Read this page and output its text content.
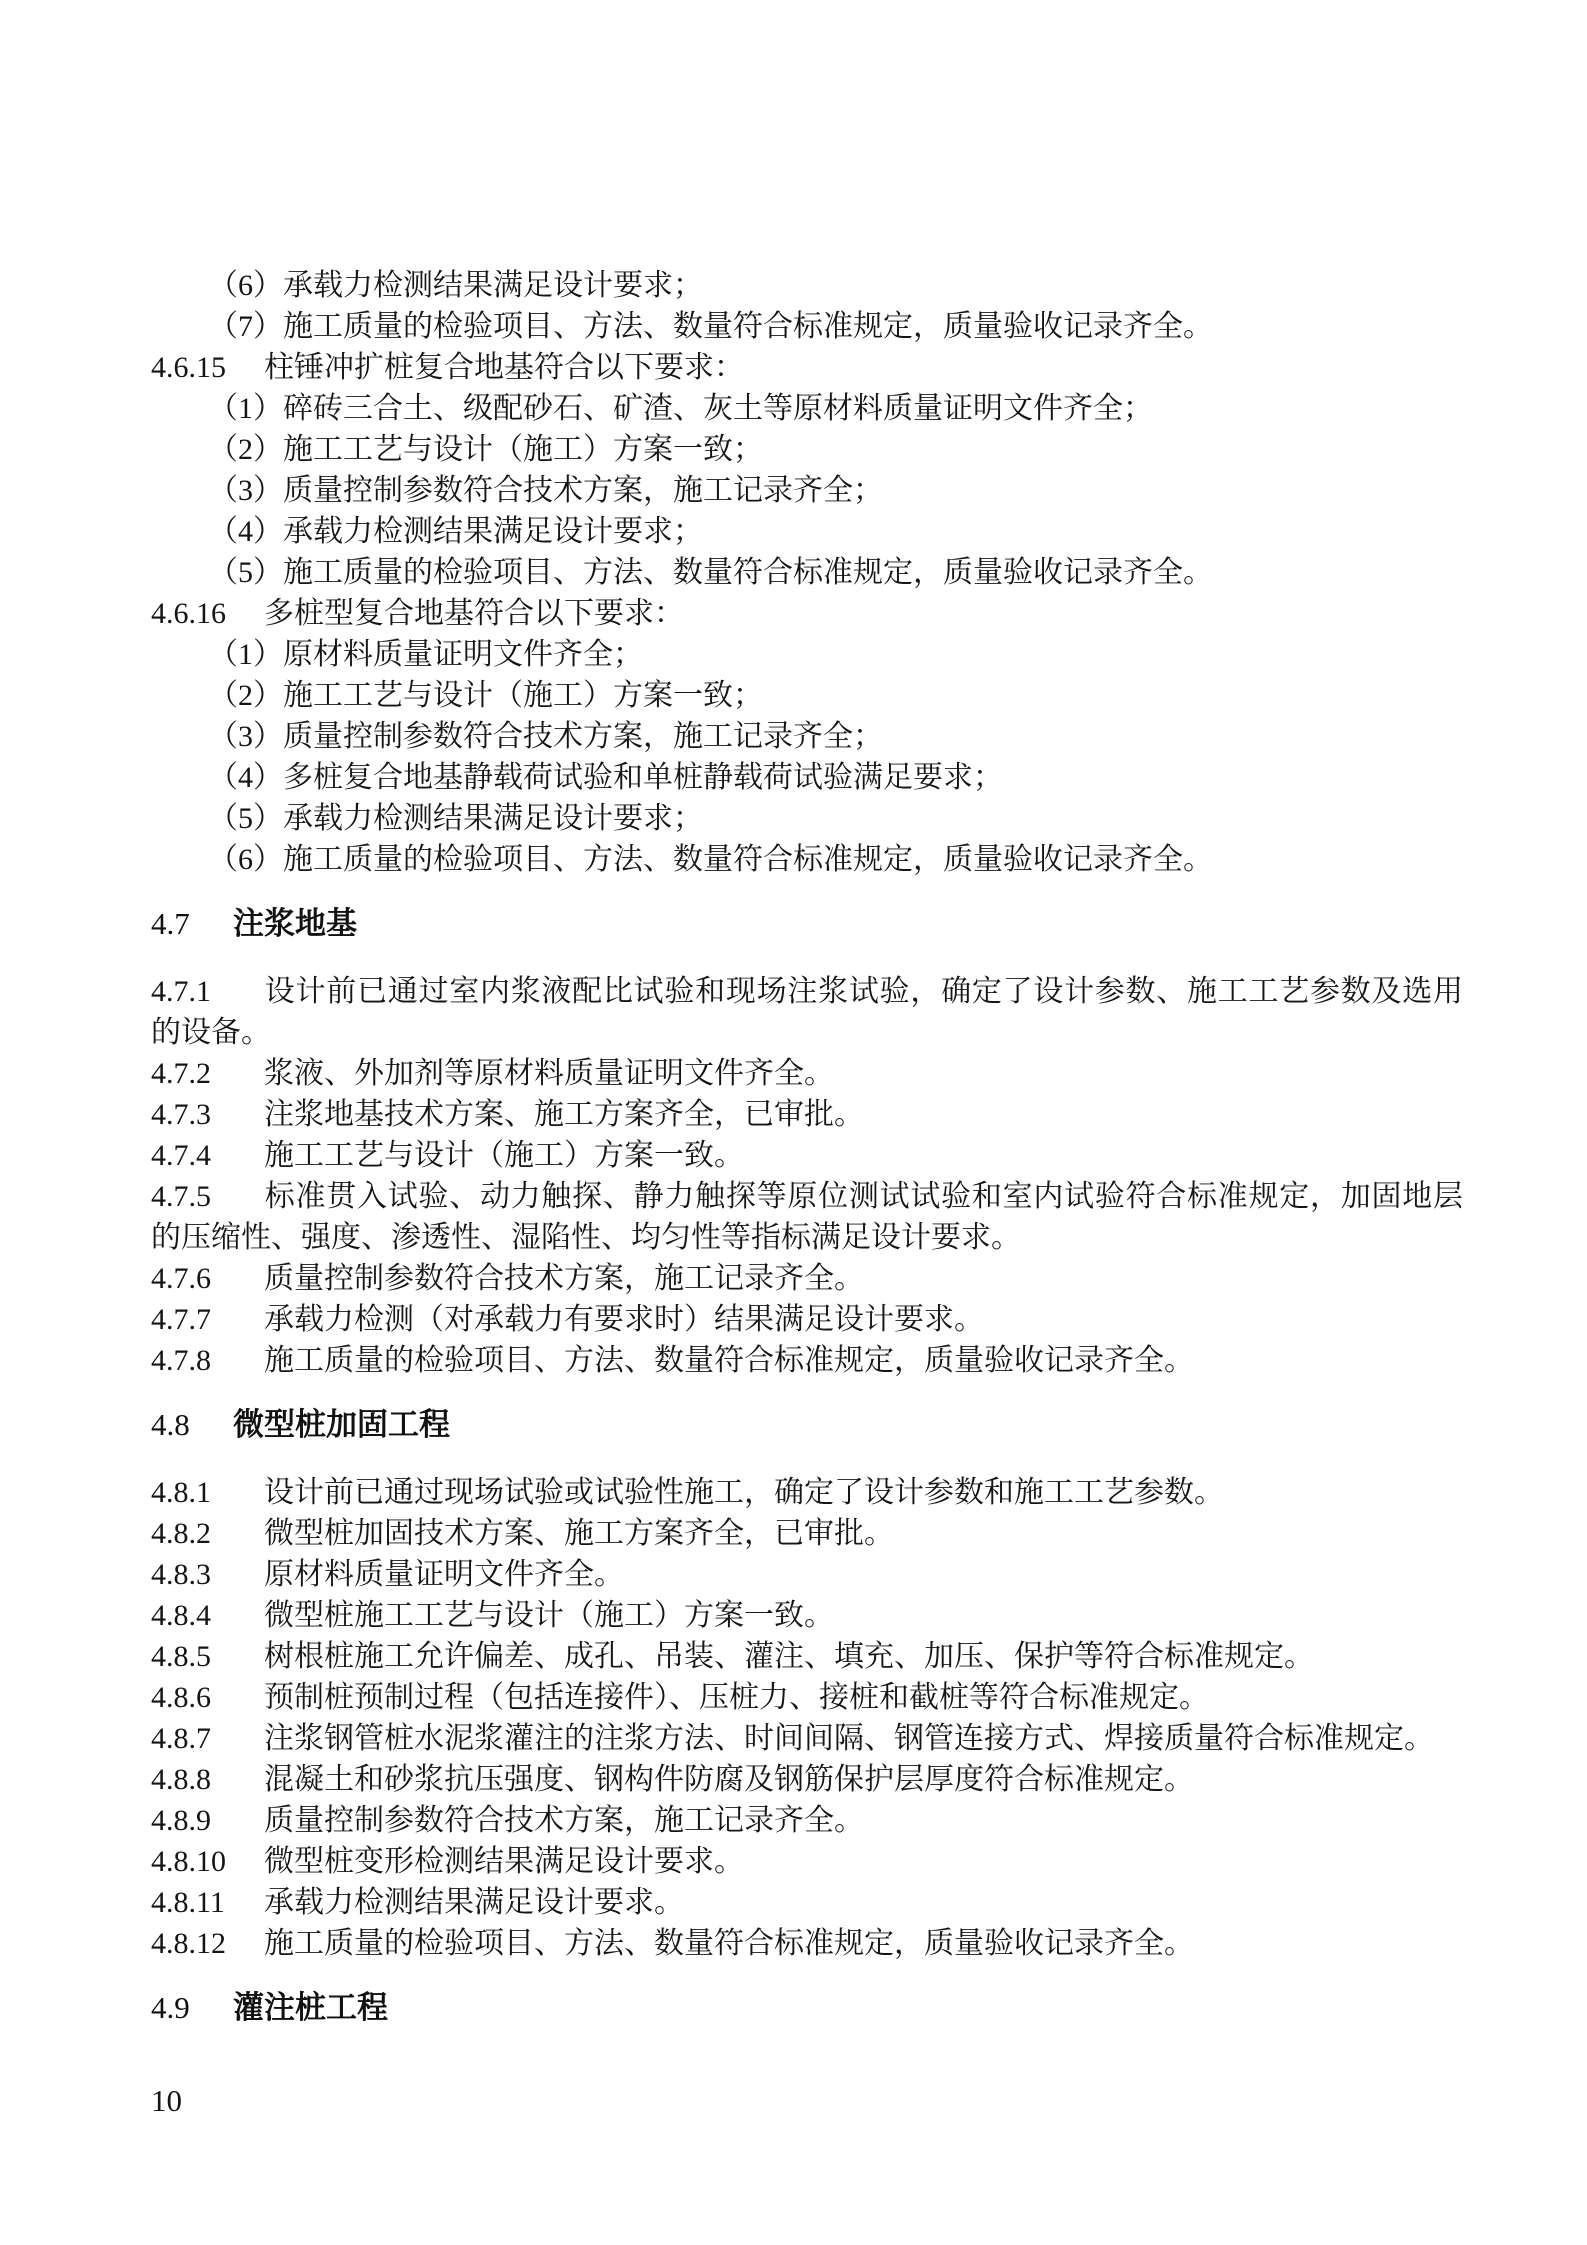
（6）承载力检测结果满足设计要求；

（7）施工质量的检验项目、方法、数量符合标准规定，质量验收记录齐全。

4.6.15 柱锤冲扩桩复合地基符合以下要求：

（1）碎砖三合土、级配砂石、矿渣、灰土等原材料质量证明文件齐全；

（2）施工工艺与设计（施工）方案一致；

（3）质量控制参数符合技术方案，施工记录齐全；

（4）承载力检测结果满足设计要求；

（5）施工质量的检验项目、方法、数量符合标准规定，质量验收记录齐全。

4.6.16 多桩型复合地基符合以下要求：

（1）原材料质量证明文件齐全；

（2）施工工艺与设计（施工）方案一致；

（3）质量控制参数符合技术方案，施工记录齐全；

（4）多桩复合地基静载荷试验和单桩静载荷试验满足要求；

（5）承载力检测结果满足设计要求；

（6）施工质量的检验项目、方法、数量符合标准规定，质量验收记录齐全。

4.7 注浆地基

4.7.1 设计前已通过室内浆液配比试验和现场注浆试验，确定了设计参数、施工工艺参数及选用的设备。

4.7.2 浆液、外加剂等原材料质量证明文件齐全。

4.7.3 注浆地基技术方案、施工方案齐全，已审批。

4.7.4 施工工艺与设计（施工）方案一致。

4.7.5 标准贯入试验、动力触探、静力触探等原位测试试验和室内试验符合标准规定，加固地层的压缩性、强度、渗透性、湿陷性、均匀性等指标满足设计要求。

4.7.6 质量控制参数符合技术方案，施工记录齐全。

4.7.7 承载力检测（对承载力有要求时）结果满足设计要求。

4.7.8 施工质量的检验项目、方法、数量符合标准规定，质量验收记录齐全。

4.8 微型桩加固工程

4.8.1 设计前已通过现场试验或试验性施工，确定了设计参数和施工工艺参数。

4.8.2 微型桩加固技术方案、施工方案齐全，已审批。

4.8.3 原材料质量证明文件齐全。

4.8.4 微型桩施工工艺与设计（施工）方案一致。

4.8.5 树根桩施工允许偏差、成孔、吊装、灌注、填充、加压、保护等符合标准规定。

4.8.6 预制桩预制过程（包括连接件）、压桩力、接桩和截桩等符合标准规定。

4.8.7 注浆钢管桩水泥浆灌注的注浆方法、时间间隔、钢管连接方式、焊接质量符合标准规定。

4.8.8 混凝土和砂浆抗压强度、钢构件防腐及钢筋保护层厚度符合标准规定。

4.8.9 质量控制参数符合技术方案，施工记录齐全。

4.8.10 微型桩变形检测结果满足设计要求。

4.8.11 承载力检测结果满足设计要求。

4.8.12 施工质量的检验项目、方法、数量符合标准规定，质量验收记录齐全。

4.9 灌注桩工程
10
